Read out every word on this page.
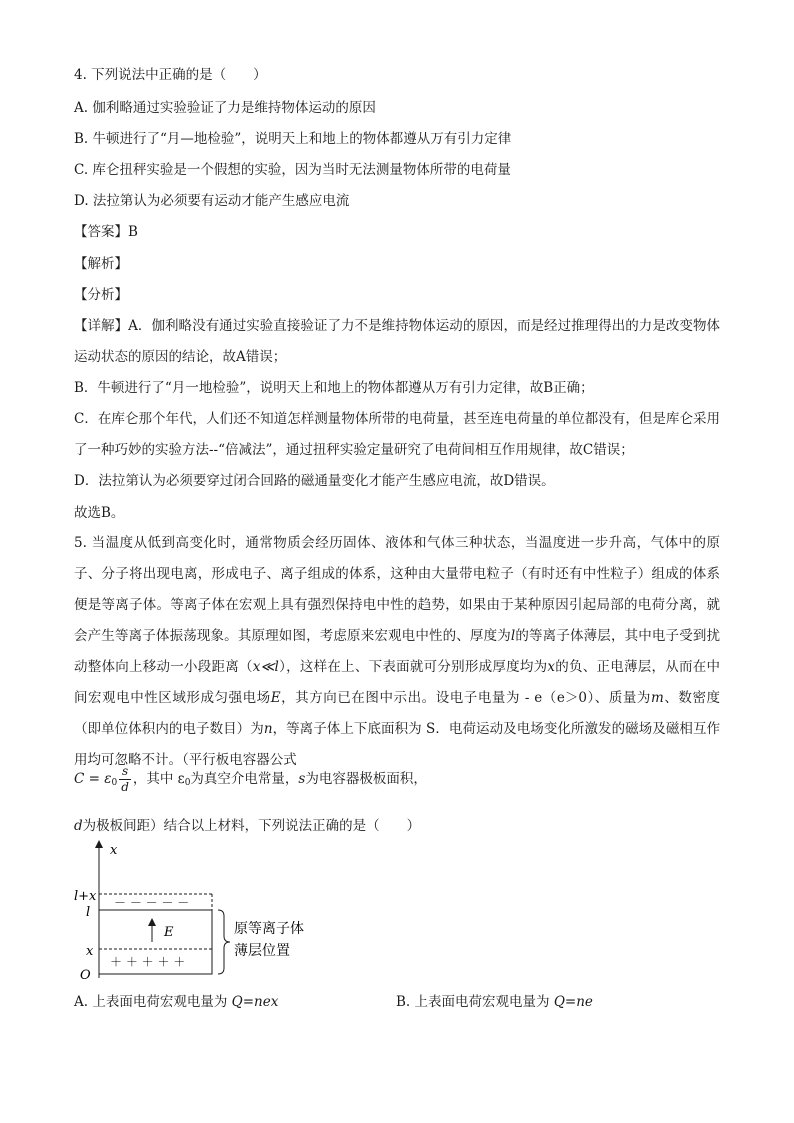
4. 下列说法中正确的是（　　）
A. 伽利略通过实验验证了力是维持物体运动的原因
B. 牛顿进行了“月—地检验”，说明天上和地上的物体都遵从万有引力定律
C. 库仑扭秤实验是一个假想的实验，因为当时无法测量物体所带的电荷量
D. 法拉第认为必须要有运动才能产生感应电流
【答案】B
【解析】
【分析】
【详解】A．伽利略没有通过实验直接验证了力不是维持物体运动的原因，而是经过推理得出的力是改变物体运动状态的原因的结论，故A错误；
B．牛顿进行了“月一地检验”，说明天上和地上的物体都遵从万有引力定律，故B正确；
C．在库仑那个年代，人们还不知道怎样测量物体所带的电荷量，甚至连电荷量的单位都没有，但是库仑采用了一种巧妙的实验方法--“倍减法”，通过扭秤实验定量研究了电荷间相互作用规律，故C错误；
D．法拉第认为必须要穿过闭合回路的磁通量变化才能产生感应电流，故D错误。
故选B。
5. 当温度从低到高变化时，通常物质会经历固体、液体和气体三种状态，当温度进一步升高，气体中的原子、分子将出现电离，形成电子、离子组成的体系，这种由大量带电粒子（有时还有中性粒子）组成的体系便是等离子体。等离子体在宏观上具有强烈保持电中性的趋势，如果由于某种原因引起局部的电荷分离，就会产生等离子体振荡现象。其原理如图，考虑原来宏观电中性的、厚度为l的等离子体薄层，其中电子受到扰动整体向上移动一小段距离（x≪l），这样在上、下表面就可分别形成厚度均为x的负、正电薄层，从而在中间宏观电中性区域形成匀强电场E，其方向已在图中示出。设电子电量为 - e（e＞0）、质量为m、数密度（即单位体积内的电子数目）为n，等离子体上下底面积为 S．电荷运动及电场变化所激发的磁场及磁相互作用均可忽略不计。（平行板电容器公式
$C = \varepsilon_0 \frac{s}{d}$ ，其中 $\varepsilon_0$为真空介电常量，s为电容器极板面积，
d为极板间距）结合以上材料，下列说法正确的是（　　）
x
O
l+x
l
x
－ － － － －
＋ ＋ ＋ ＋ ＋
E	原等离子体
薄层位置
A. 上表面电荷宏观电量为 Q=nex	B. 上表面电荷宏观电量为 Q=ne
